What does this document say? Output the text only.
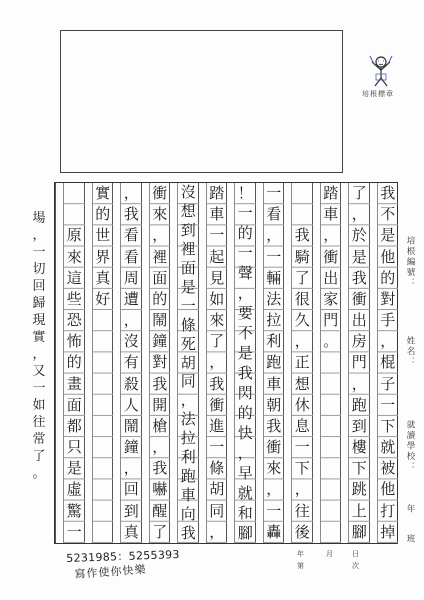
培根標章
我
不
是
他
的
對
手
，
棍
子
一
下
就
被
他
打
掉
了
，
於
是
我
衝
出
房
門
，
跑
到
樓
下
跳
上
腳
踏
車
，
衝
出
家
門
。
我
騎
了
很
久
，
正
想
休
息
一
下
，
往
後
一
看
，
一
輛
法
拉
利
跑
車
朝
我
衝
來
，
一
轟
！
一
的
一
聲
，
要
不
是
我
閃
的
快
，
早
就
和
腳
踏
車
一
起
見
如
來
了
，
我
衝
進
一
條
胡
同
，
沒
想
到
裡
面
是
一
條
死
胡
同
，
法
拉
利
跑
車
向
我
衝
來
，
裡
面
的
鬧
鐘
對
我
開
槍
，
我
嚇
醒
了
，
我
看
看
周
遭
，
沒
有
殺
人
鬧
鐘
，
回
到
真
實
的
世
界
真
好
原
來
這
些
恐
怖
的
畫
面
都
只
是
虛
驚
一
場
，
一
切
回
歸
現
實
，
又
一
如
往
常
了
。
培根編號：
姓名：
就讀學校：
年
班
5231985：5255393
寫作使你快樂
年	月	日
第	次
